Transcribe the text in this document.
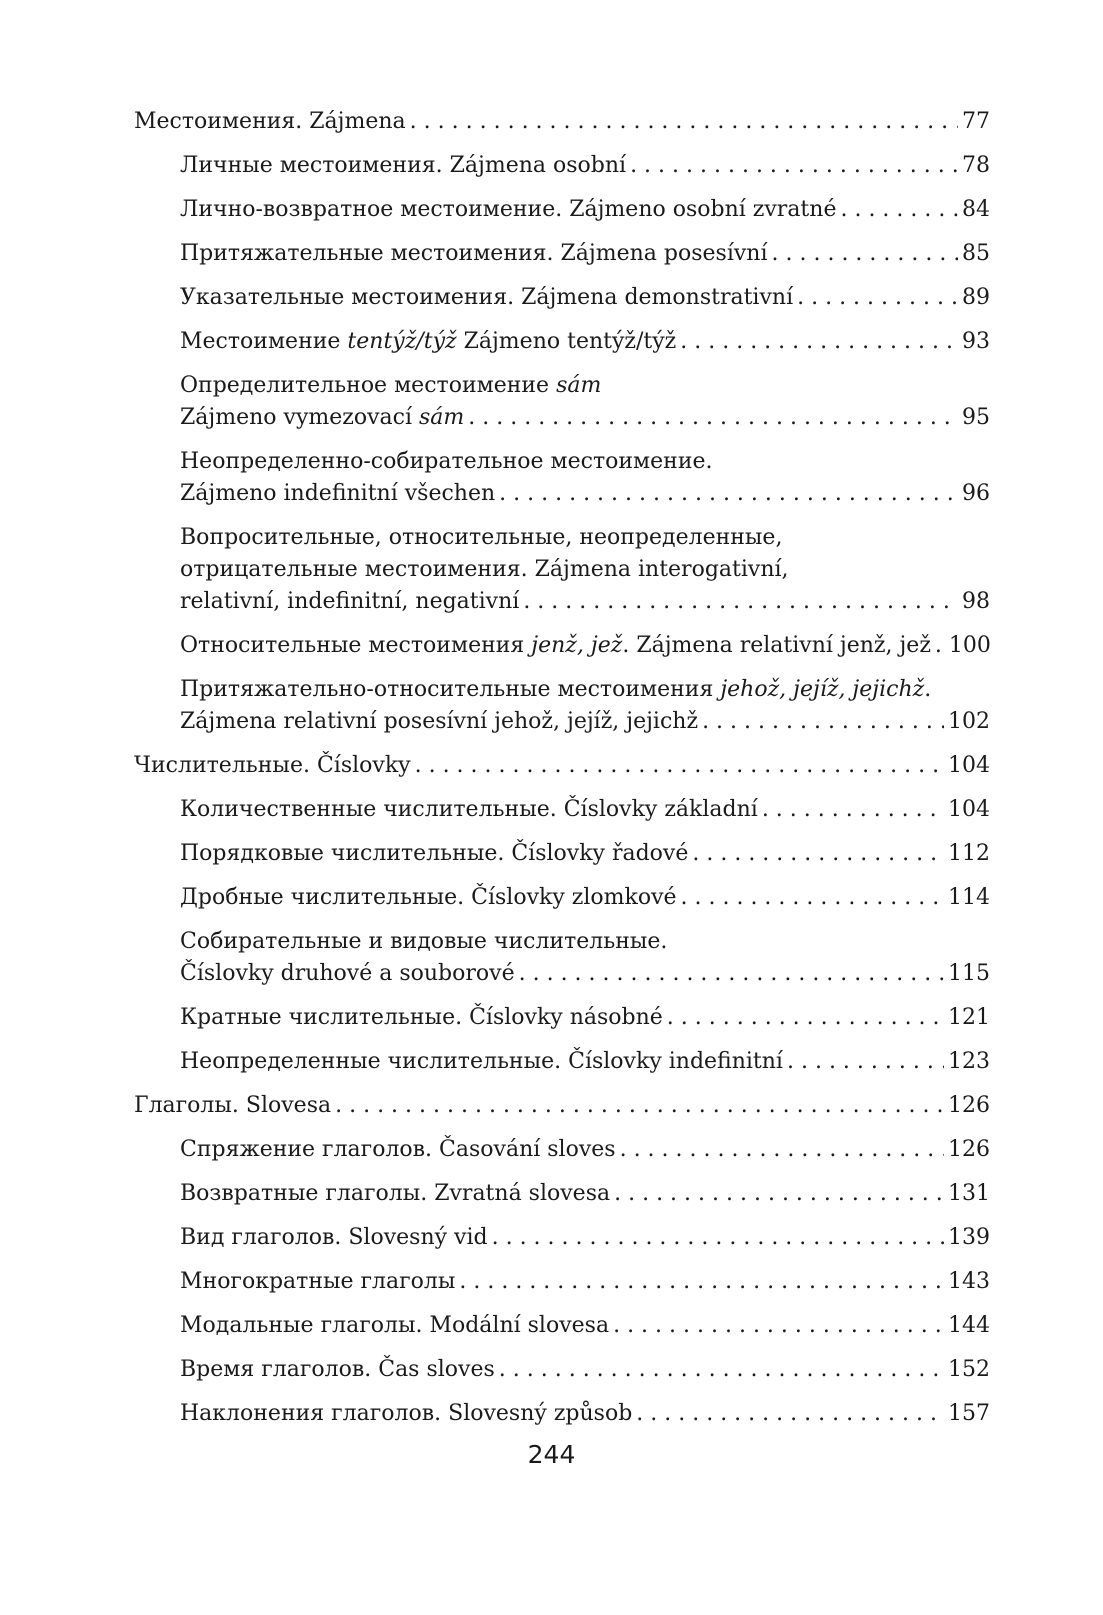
Местоимения. Zájmena . . .	77
Личные местоимения. Zájmena osobní . . .	78
Лично-возвратное местоимение. Zájmeno osobní zvratné . . .	84
Притяжательные местоимения. Zájmena posesívní . . .	85
Указательные местоимения. Zájmena demonstrativní . . .	89
Местоимение tentýž/týž Zájmeno tentýž/týž . . .	93
Определительное местоимение sám
Zájmeno vymezovací sám . . .	95
Неопределенно-собирательное местоимение.
Zájmeno indefinitní všechen . . .	96
Вопросительные, относительные, неопределенные,
отрицательные местоимения. Zájmena interogativní,
relativní, indefinitní, negativní . . .	98
Относительные местоимения jenž, jež. Zájmena relativní jenž, jež . . . 100
Притяжательно-относительные местоимения jehož, jejíž, jejichž.
Zájmena relativní posesívní jehož, jejíž, jejichž . . .	102
Числительные. Číslovky . . .	104
Количественные числительные. Číslovky základní . . .	104
Порядковые числительные. Číslovky řadové . . .	112
Дробные числительные. Číslovky zlomkové . . .	114
Собирательные и видовые числительные.
Číslovky druhové a souborové . . .	115
Кратные числительные. Číslovky násobné . . .	121
Неопределенные числительные. Číslovky indefinitní . . .	123
Глаголы. Slovesa . . .	126
Спряжение глаголов. Časování sloves . . .	126
Возвратные глаголы. Zvratná slovesa . . .	131
Вид глаголов. Slovesný vid . . .	139
Многократные глаголы . . .	143
Модальные глаголы. Modální slovesa . . .	144
Время глаголов. Čas sloves . . .	152
Наклонения глаголов. Slovesný způsob . . .	157
244
